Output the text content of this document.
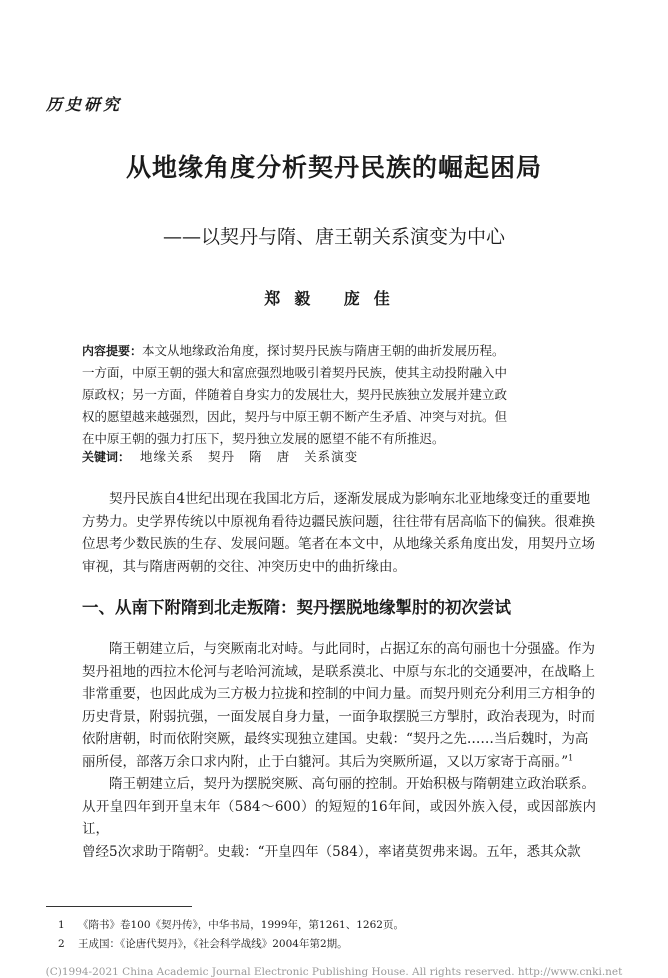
历史研究
从地缘角度分析契丹民族的崛起困局
——以契丹与隋、唐王朝关系演变为中心
郑毅 庞佳
内容提要：本文从地缘政治角度，探讨契丹民族与隋唐王朝的曲折发展历程。
一方面，中原王朝的强大和富庶强烈地吸引着契丹民族，使其主动投附融入中
原政权；另一方面，伴随着自身实力的发展壮大，契丹民族独立发展并建立政
权的愿望越来越强烈，因此，契丹与中原王朝不断产生矛盾、冲突与对抗。但
在中原王朝的强力打压下，契丹独立发展的愿望不能不有所推迟。
关键词： 地缘关系 契丹 隋 唐 关系演变
契丹民族自4世纪出现在我国北方后，逐渐发展成为影响东北亚地缘变迁的重要地
方势力。史学界传统以中原视角看待边疆民族问题，往往带有居高临下的偏狭。很难换
位思考少数民族的生存、发展问题。笔者在本文中，从地缘关系角度出发，用契丹立场
审视，其与隋唐两朝的交往、冲突历史中的曲折缘由。
一、从南下附隋到北走叛隋：契丹摆脱地缘掣肘的初次尝试
隋王朝建立后，与突厥南北对峙。与此同时，占据辽东的高句丽也十分强盛。作为
契丹祖地的西拉木伦河与老哈河流域，是联系漠北、中原与东北的交通要冲，在战略上
非常重要，也因此成为三方极力拉拢和控制的中间力量。而契丹则充分利用三方相争的
历史背景，附弱抗强，一面发展自身力量，一面争取摆脱三方掣肘，政治表现为，时而
依附唐朝，时而依附突厥，最终实现独立建国。史载：“契丹之先……当后魏时，为高
丽所侵，部落万余口求内附，止于白貔河。其后为突厥所逼，又以万家寄于高丽。”$^1$
隋王朝建立后，契丹为摆脱突厥、高句丽的控制。开始积极与隋朝建立政治联系。
从开皇四年到开皇末年（584～600）的短短的16年间，或因外族入侵，或因部族内讧，
曾经5次求助于隋朝$^2$。史载：“开皇四年（584），率诸莫贺弗来谒。五年，悉其众款
1 《隋书》卷100《契丹传》，中华书局，1999年，第1261、1262页。
2 王成国：《论唐代契丹》，《社会科学战线》2004年第2期。
(C)1994-2021 China Academic Journal Electronic Publishing House. All rights reserved. http://www.cnki.net
